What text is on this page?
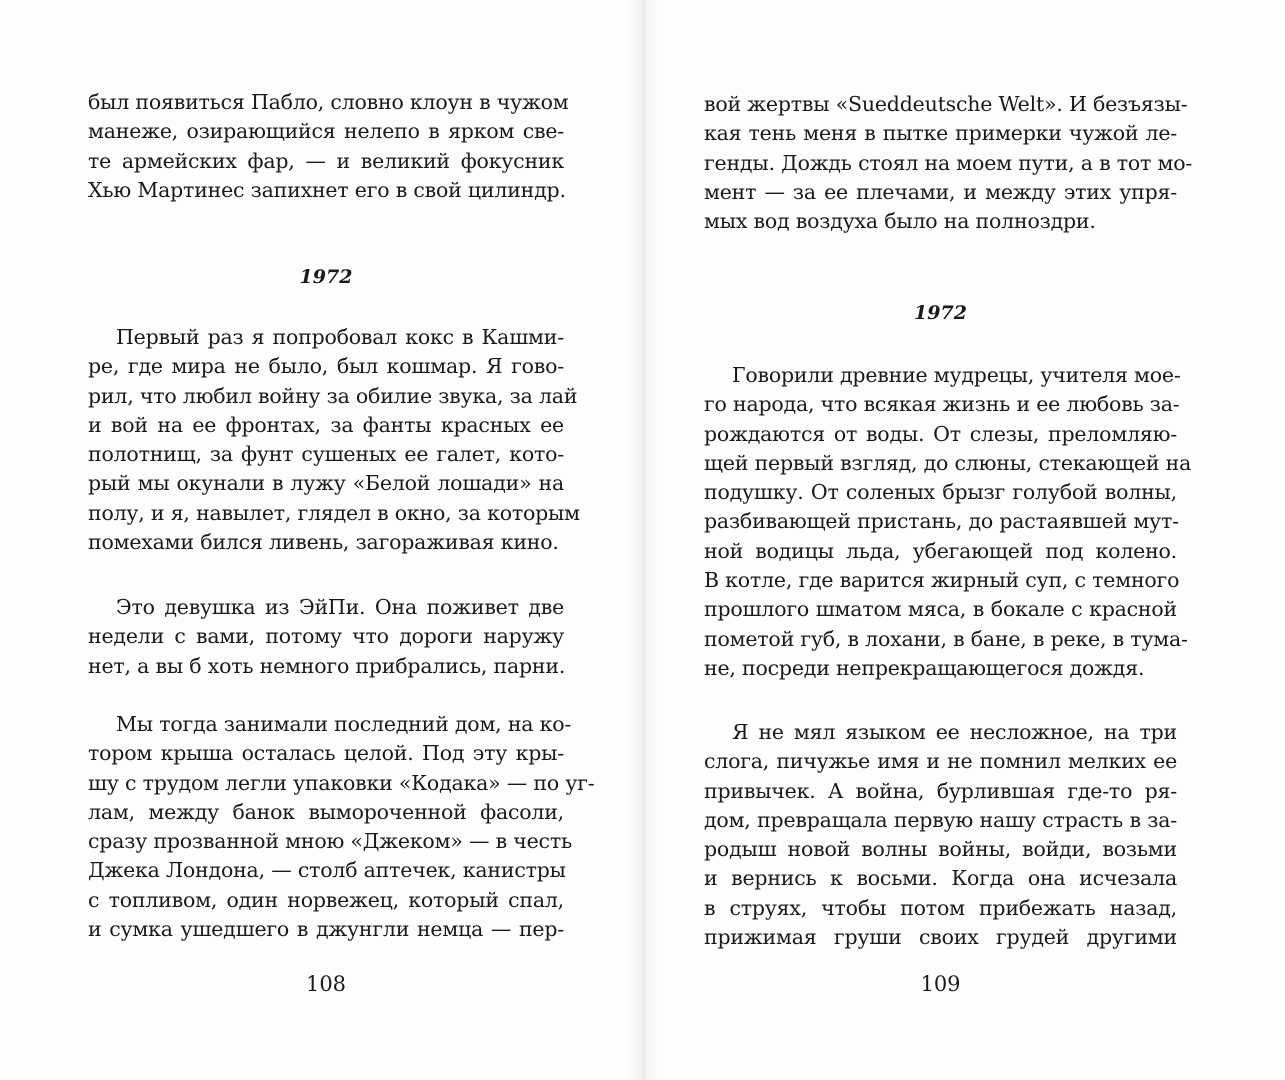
был появиться Пабло, словно клоун в чужом
манеже, озирающийся нелепо в ярком све-
те армейских фар, — и великий фокусник
Хью Мартинес запихнет его в свой цилиндр.
1972
Первый раз я попробовал кокс в Кашми-
ре, где мира не было, был кошмар. Я гово-
рил, что любил войну за обилие звука, за лай
и вой на ее фронтах, за фанты красных ее
полотнищ, за фунт сушеных ее галет, кото-
рый мы окунали в лужу «Белой лошади» на
полу, и я, навылет, глядел в окно, за которым
помехами бился ливень, загораживая кино.
Это девушка из ЭйПи. Она поживет две
недели с вами, потому что дороги наружу
нет, а вы б хоть немного прибрались, парни.
Мы тогда занимали последний дом, на ко-
тором крыша осталась целой. Под эту кры-
шу с трудом легли упаковки «Кодака» — по уг-
лам, между банок вымороченной фасоли,
сразу прозванной мною «Джеком» — в честь
Джека Лондона, — столб аптечек, канистры
с топливом, один норвежец, который спал,
и сумка ушедшего в джунгли немца — пер-
108
вой жертвы «Sueddeutsche Welt». И безъязы-
кая тень меня в пытке примерки чужой ле-
генды. Дождь стоял на моем пути, а в тот мо-
мент — за ее плечами, и между этих упря-
мых вод воздуха было на полноздри.
1972
Говорили древние мудрецы, учителя мое-
го народа, что всякая жизнь и ее любовь за-
рождаются от воды. От слезы, преломляю-
щей первый взгляд, до слюны, стекающей на
подушку. От соленых брызг голубой волны,
разбивающей пристань, до растаявшей мут-
ной водицы льда, убегающей под колено.
В котле, где варится жирный суп, с темного
прошлого шматом мяса, в бокале с красной
пометой губ, в лохани, в бане, в реке, в тума-
не, посреди непрекращающегося дождя.
Я не мял языком ее несложное, на три
слога, пичужье имя и не помнил мелких ее
привычек. А война, бурлившая где-то ря-
дом, превращала первую нашу страсть в за-
родыш новой волны войны, войди, возьми
и вернись к восьми. Когда она исчезала
в струях, чтобы потом прибежать назад,
прижимая груши своих грудей другими
109
